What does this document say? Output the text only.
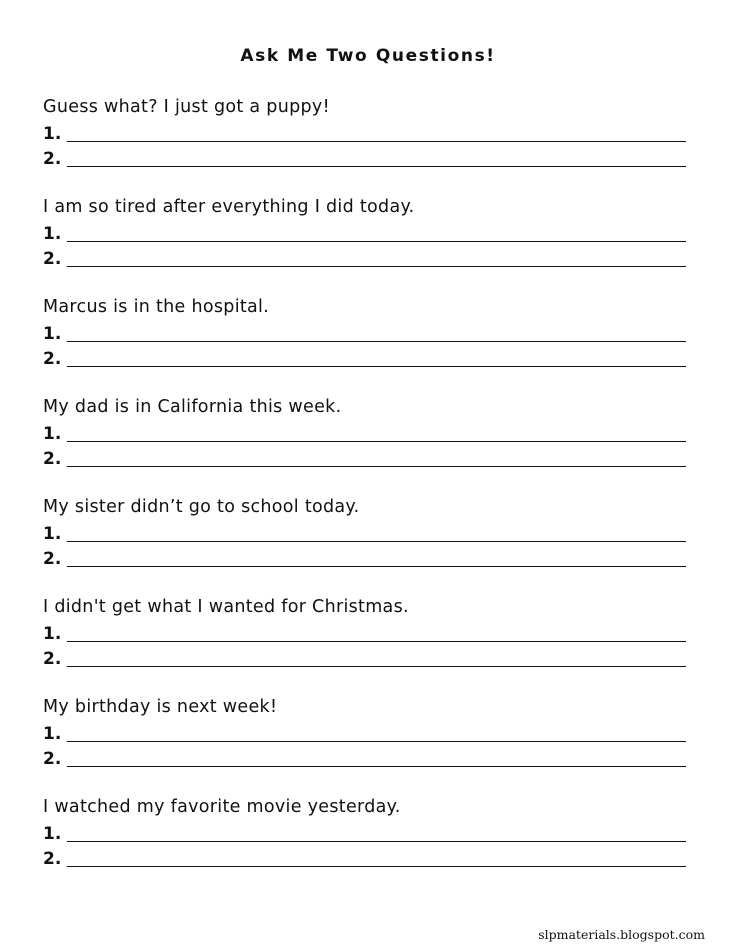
Ask Me Two Questions!
Guess what? I just got a puppy!
1.
2.
I am so tired after everything I did today.
1.
2.
Marcus is in the hospital.
1.
2.
My dad is in California this week.
1.
2.
My sister didn’t go to school today.
1.
2.
I didn't get what I wanted for Christmas.
1.
2.
My birthday is next week!
1.
2.
I watched my favorite movie yesterday.
1.
2.
slpmaterials.blogspot.com
